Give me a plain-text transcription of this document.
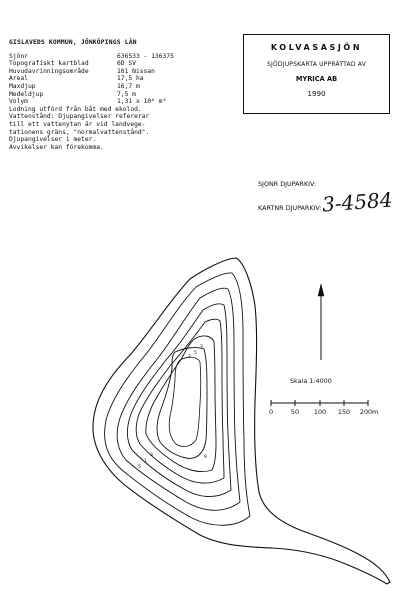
GISLAVEDS KOMMUN, JÖNKÖPINGS LÄN
Sjönr	636533 - 136375
Topografiskt kartblad	6D SV
Huvudavrinningsområde	101 Nissan
Areal	17,5 ha
Maxdjup	16,7 m
Medeldjup	7,5 m
Volym	1,31 x 10⁶ m³
Lodning utförd från båt med ekolod.
Vattenstånd: Djupangivelser refererar
till ett vattenytan är vid landvege-
tationens gräns, "normalvattenstånd".
Djupangivelser i meter.
Avvikelser kan förekomma.
KOLVASASJÖN
SJÖDJUPSKARTA UPPRÄTTAD AV
MYRICA AB
1990
SJONR DJUPARKIV:
KARTNR DJUPARKIV: 3-4584
3
5
7
3
1
5
9
Skala 1:4000
0	50 100 150 200 m
